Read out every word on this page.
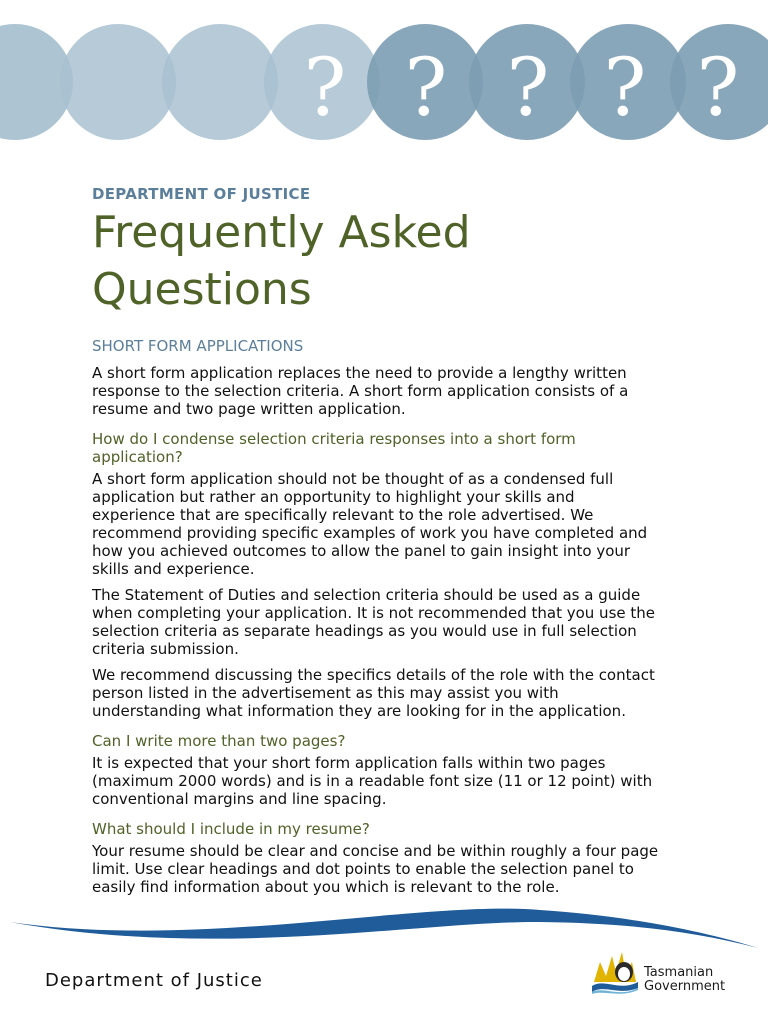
? ? ? ? ?

DEPARTMENT OF JUSTICE

Frequently Asked
Questions
SHORT FORM APPLICATIONS

A short form application replaces the need to provide a lengthy written response to the selection criteria. A short form application consists of a resume and two page written application.

How do I condense selection criteria responses into a short form application?

A short form application should not be thought of as a condensed full application but rather an opportunity to highlight your skills and experience that are specifically relevant to the role advertised. We recommend providing specific examples of work you have completed and how you achieved outcomes to allow the panel to gain insight into your skills and experience.

The Statement of Duties and selection criteria should be used as a guide when completing your application. It is not recommended that you use the selection criteria as separate headings as you would use in full selection criteria submission.

We recommend discussing the specifics details of the role with the contact person listed in the advertisement as this may assist you with understanding what information they are looking for in the application.

Can I write more than two pages?

It is expected that your short form application falls within two pages (maximum 2000 words) and is in a readable font size (11 or 12 point) with conventional margins and line spacing.

What should I include in my resume?

Your resume should be clear and concise and be within roughly a four page limit. Use clear headings and dot points to enable the selection panel to easily find information about you which is relevant to the role.

Department of Justice	Tasmanian
Government
